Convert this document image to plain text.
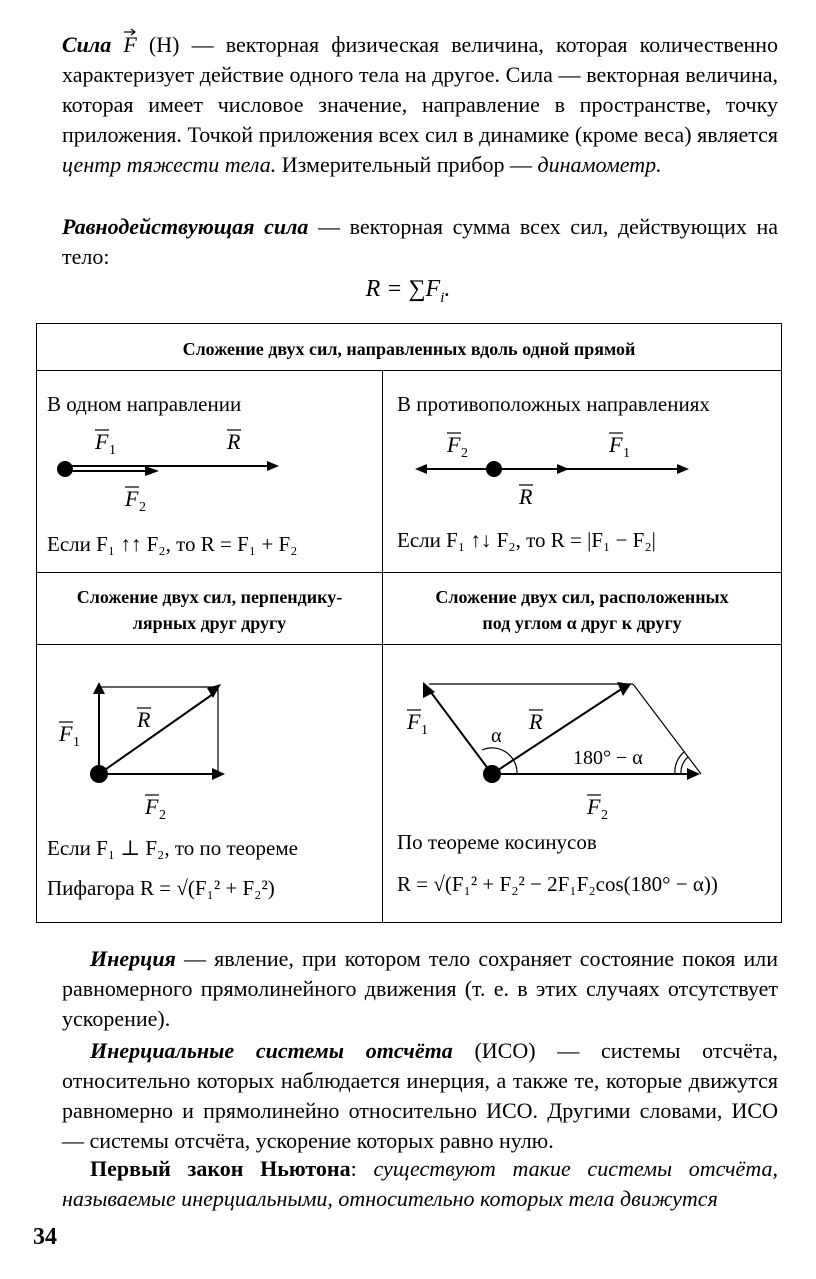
Сила F (Н) — векторная физическая величина, которая количественно характеризует действие одного тела на другое. Сила — векторная величина, которая имеет числовое значение, направление в пространстве, точку приложения. Точкой приложения всех сил в динамике (кроме веса) является центр тяжести тела. Измерительный прибор — динамометр.
Равнодействующая сила — векторная сумма всех сил, действующих на тело:
$R = \sum F_i$.
Сложение двух сил, направленных вдоль одной прямой
В одном направлении
F 1	R
F 2
Если F₁ ↑↑ F₂, то R = F₁ + F₂
В противоположных направлениях
F 2	F 1
R
Если F₁ ↑↓ F₂, то R = |F₁ − F₂|
Сложение двух сил, перпендику-
лярных друг другу
Сложение двух сил, расположенных
под углом α друг к другу
F 1
R
F 2
Если F₁ ⊥ F₂, то по теореме
Пифагора R = √(F₁² + F₂²)
F 1	α
R
180° − α
F 2
По теореме косинусов
R = √(F₁² + F₂² − 2F₁F₂cos(180° − α))
Инерция — явление, при котором тело сохраняет состояние покоя или равномерного прямолинейного движения (т. е. в этих случаях отсутствует ускорение).
Инерциальные системы отсчёта (ИСО) — системы отсчёта, относительно которых наблюдается инерция, а также те, которые движутся равномерно и прямолинейно относительно ИСО. Другими словами, ИСО — системы отсчёта, ускорение которых равно нулю.
Первый закон Ньютона: существуют такие системы отсчёта, называемые инерциальными, относительно которых тела движутся
34
